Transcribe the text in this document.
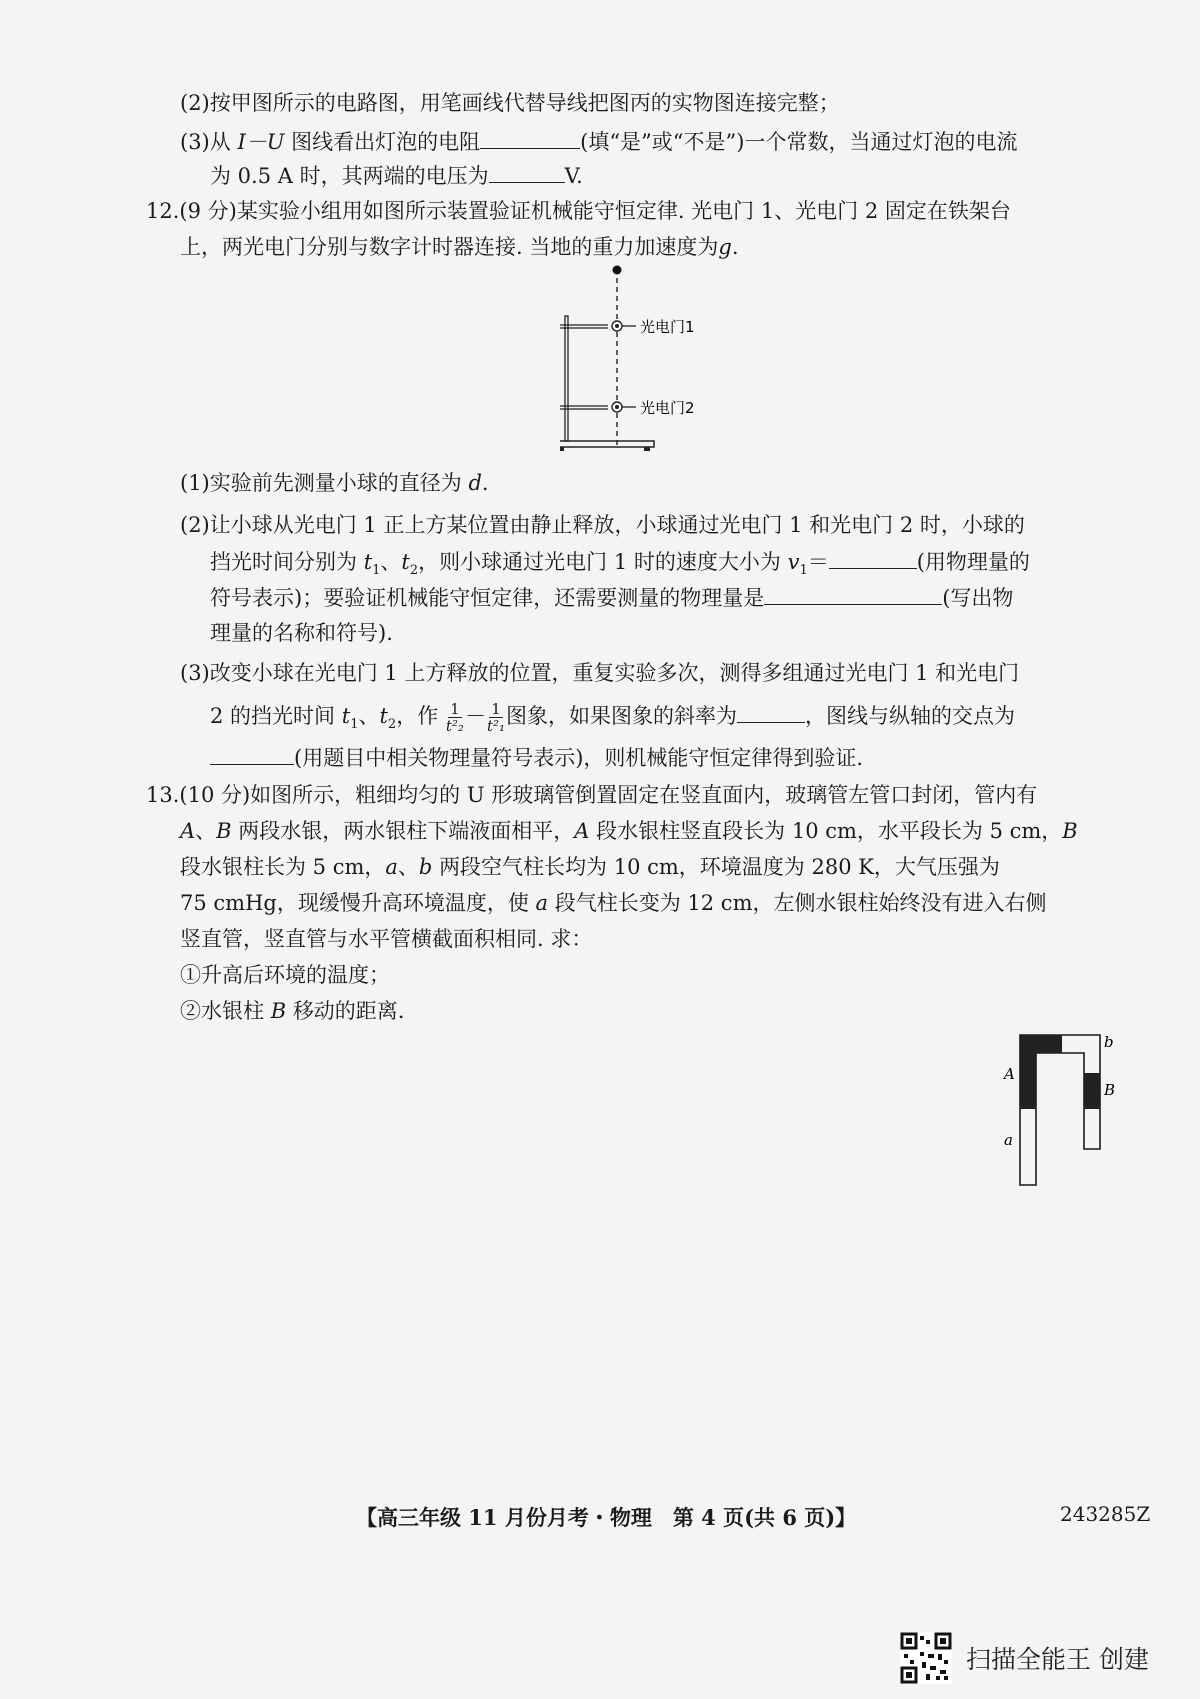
(2)按甲图所示的电路图，用笔画线代替导线把图丙的实物图连接完整；
(3)从 I－U 图线看出灯泡的电阻	(填“是”或“不是”)一个常数，当通过灯泡的电流
为 0.5 A 时，其两端的电压为	V.
12.(9 分)某实验小组用如图所示装置验证机械能守恒定律. 光电门 1、光电门 2 固定在铁架台
上，两光电门分别与数字计时器连接. 当地的重力加速度为g.
光电门1
光电门2
(1)实验前先测量小球的直径为 d.
(2)让小球从光电门 1 正上方某位置由静止释放，小球通过光电门 1 和光电门 2 时，小球的
挡光时间分别为 $t_1$、$t_2$，则小球通过光电门 1 时的速度大小为 $v_1=$	(用物理量的
符号表示)；要验证机械能守恒定律，还需要测量的物理量是	(写出物
理量的名称和符号).
(3)改变小球在光电门 1 上方释放的位置，重复实验多次，测得多组通过光电门 1 和光电门
2 的挡光时间 $t_1$、$t_2$，作 $\frac{1}{\text{t²₂}} - \frac{1}{\text{t²₁}}$ 图象，如果图象的斜率为	，图线与纵轴的交点为
(用题目中相关物理量符号表示)，则机械能守恒定律得到验证.
13.(10 分)如图所示，粗细均匀的 U 形玻璃管倒置固定在竖直面内，玻璃管左管口封闭，管内有
A、B 两段水银，两水银柱下端液面相平，A 段水银柱竖直段长为 10 cm，水平段长为 5 cm，B
段水银柱长为 5 cm，a、b 两段空气柱长均为 10 cm，环境温度为 280 K，大气压强为
75 cmHg，现缓慢升高环境温度，使 a 段气柱长变为 12 cm，左侧水银柱始终没有进入右侧
竖直管，竖直管与水平管横截面积相同. 求：
①升高后环境的温度；
②水银柱 B 移动的距离.
A
B
a
b
【高三年级 11 月份月考・物理　第 4 页(共 6 页)】	243285Z
扫描全能王 创建
